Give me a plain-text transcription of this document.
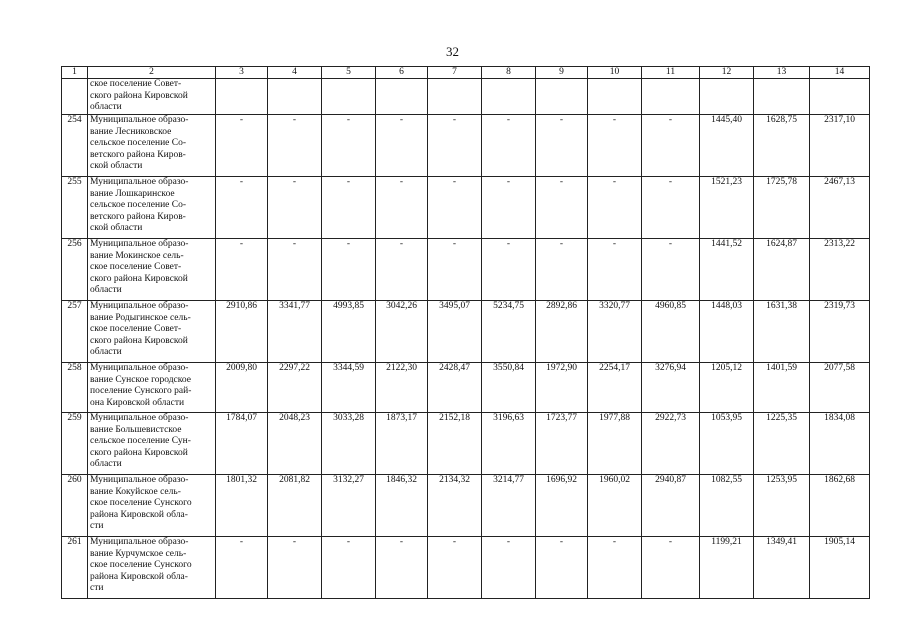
32
1	2	3	4	5	6	7	8	9	10	11	12	13	14
	ское поселение Совет-
ского района Кировской
области												
254	Муниципальное образо-
вание Лесниковское
сельское поселение Со-
ветского района Киров-
ской области	-	-	-	-	-	-	-	-	-	1445,40	1628,75	2317,10
255	Муниципальное образо-
вание Лошкаринское
сельское поселение Со-
ветского района Киров-
ской области	-	-	-	-	-	-	-	-	-	1521,23	1725,78	2467,13
256	Муниципальное образо-
вание Мокинское сель-
ское поселение Совет-
ского района Кировской
области	-	-	-	-	-	-	-	-	-	1441,52	1624,87	2313,22
257	Муниципальное образо-
вание Родыгинское сель-
ское поселение Совет-
ского района Кировской
области	2910,86	3341,77	4993,85	3042,26	3495,07	5234,75	2892,86	3320,77	4960,85	1448,03	1631,38	2319,73
258	Муниципальное образо-
вание Сунское городское
поселение Сунского рай-
она Кировской области	2009,80	2297,22	3344,59	2122,30	2428,47	3550,84	1972,90	2254,17	3276,94	1205,12	1401,59	2077,58
259	Муниципальное образо-
вание Большевистское
сельское поселение Сун-
ского района Кировской
области	1784,07	2048,23	3033,28	1873,17	2152,18	3196,63	1723,77	1977,88	2922,73	1053,95	1225,35	1834,08
260	Муниципальное образо-
вание Кокуйское сель-
ское поселение Сунского
района Кировской обла-
сти	1801,32	2081,82	3132,27	1846,32	2134,32	3214,77	1696,92	1960,02	2940,87	1082,55	1253,95	1862,68
261	Муниципальное образо-
вание Курчумское сель-
ское поселение Сунского
района Кировской обла-
сти	-	-	-	-	-	-	-	-	-	1199,21	1349,41	1905,14
